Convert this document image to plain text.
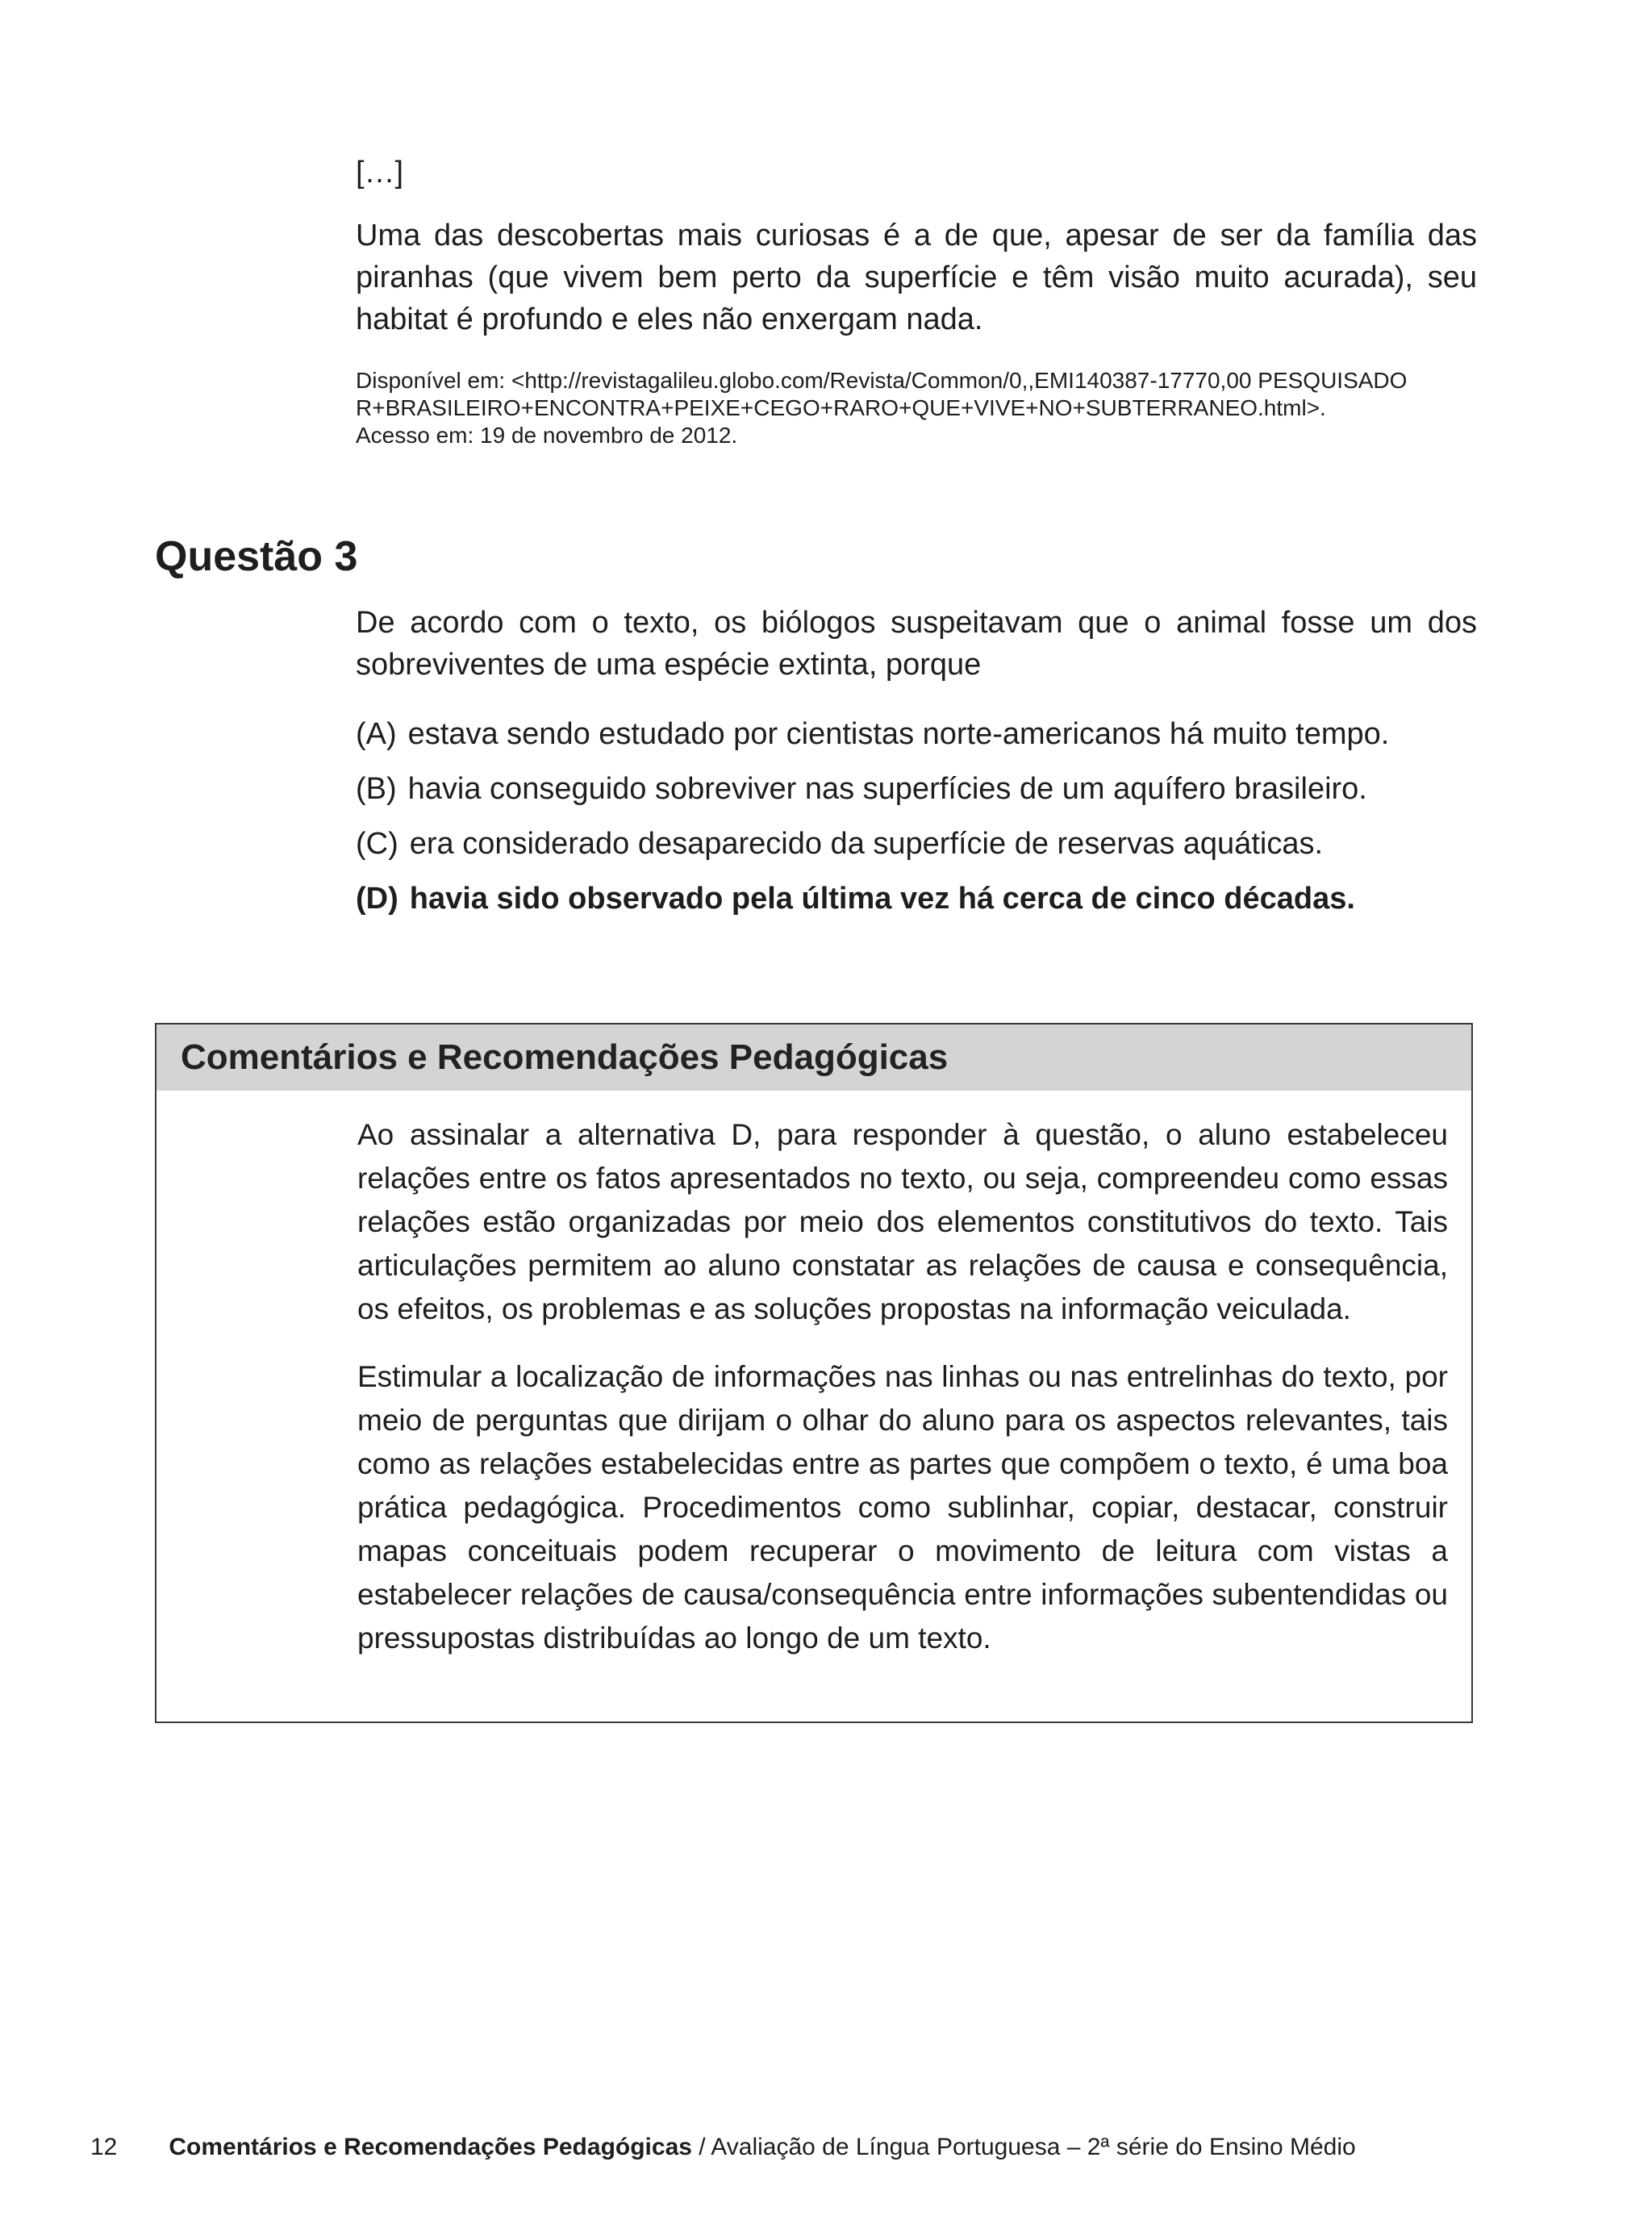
[…]

Uma das descobertas mais curiosas é a de que, apesar de ser da família das piranhas (que vivem bem perto da superfície e têm visão muito acurada), seu habitat é profundo e eles não enxergam nada.

Disponível em: <http://revistagalileu.globo.com/Revista/Common/0,,EMI140387-17770,00 PESQUISADO
R+BRASILEIRO+ENCONTRA+PEIXE+CEGO+RARO+QUE+VIVE+NO+SUBTERRANEO.html>.
Acesso em: 19 de novembro de 2012.
Questão 3

De acordo com o texto, os biólogos suspeitavam que o animal fosse um dos sobreviventes de uma espécie extinta, porque

(A) estava sendo estudado por cientistas norte-americanos há muito tempo.
(B) havia conseguido sobreviver nas superfícies de um aquífero brasileiro.
(C) era considerado desaparecido da superfície de reservas aquáticas.
(D) havia sido observado pela última vez há cerca de cinco décadas.
Comentários e Recomendações Pedagógicas

Ao assinalar a alternativa D, para responder à questão, o aluno estabeleceu relações entre os fatos apresentados no texto, ou seja, compreendeu como essas relações estão organizadas por meio dos elementos constitutivos do texto. Tais articulações permitem ao aluno constatar as relações de causa e consequência, os efeitos, os problemas e as soluções propostas na informação veiculada.

Estimular a localização de informações nas linhas ou nas entrelinhas do texto, por meio de perguntas que dirijam o olhar do aluno para os aspectos relevantes, tais como as relações estabelecidas entre as partes que compõem o texto, é uma boa prática pedagógica. Procedimentos como sublinhar, copiar, destacar, construir mapas conceituais podem recuperar o movimento de leitura com vistas a estabelecer relações de causa/consequência entre informações subentendidas ou pressupostas distribuídas ao longo de um texto.

12 Comentários e Recomendações Pedagógicas / Avaliação de Língua Portuguesa – 2ª série do Ensino Médio
